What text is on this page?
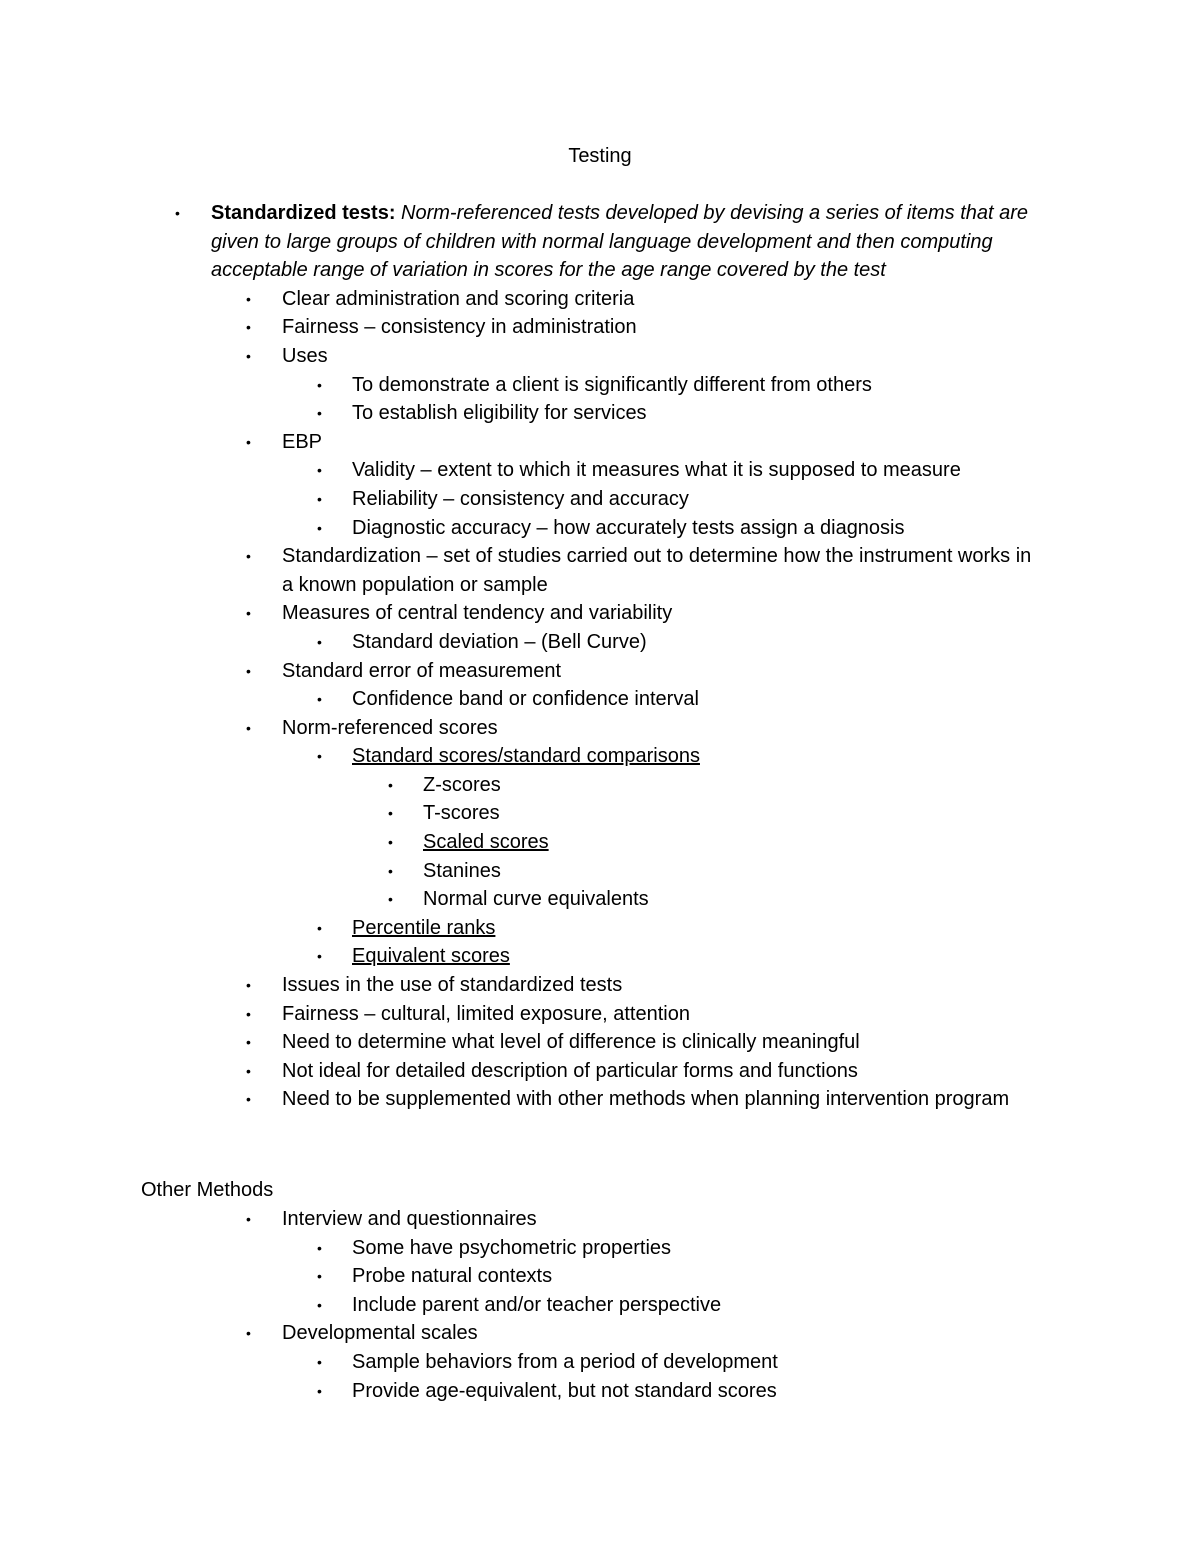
Testing
• Standardized tests: Norm-referenced tests developed by devising a series of items that are given to large groups of children with normal language development and then computing acceptable range of variation in scores for the age range covered by the test
• Clear administration and scoring criteria
• Fairness – consistency in administration
• Uses
• To demonstrate a client is significantly different from others
• To establish eligibility for services
• EBP
• Validity – extent to which it measures what it is supposed to measure
• Reliability – consistency and accuracy
• Diagnostic accuracy – how accurately tests assign a diagnosis
• Standardization – set of studies carried out to determine how the instrument works in a known population or sample
• Measures of central tendency and variability
• Standard deviation – (Bell Curve)
• Standard error of measurement
• Confidence band or confidence interval
• Norm-referenced scores
• Standard scores/standard comparisons
• Z-scores
• T-scores
• Scaled scores
• Stanines
• Normal curve equivalents
• Percentile ranks
• Equivalent scores
• Issues in the use of standardized tests
• Fairness – cultural, limited exposure, attention
• Need to determine what level of difference is clinically meaningful
• Not ideal for detailed description of particular forms and functions
• Need to be supplemented with other methods when planning intervention program
Other Methods
• Interview and questionnaires
• Some have psychometric properties
• Probe natural contexts
• Include parent and/or teacher perspective
• Developmental scales
• Sample behaviors from a period of development
• Provide age-equivalent, but not standard scores
